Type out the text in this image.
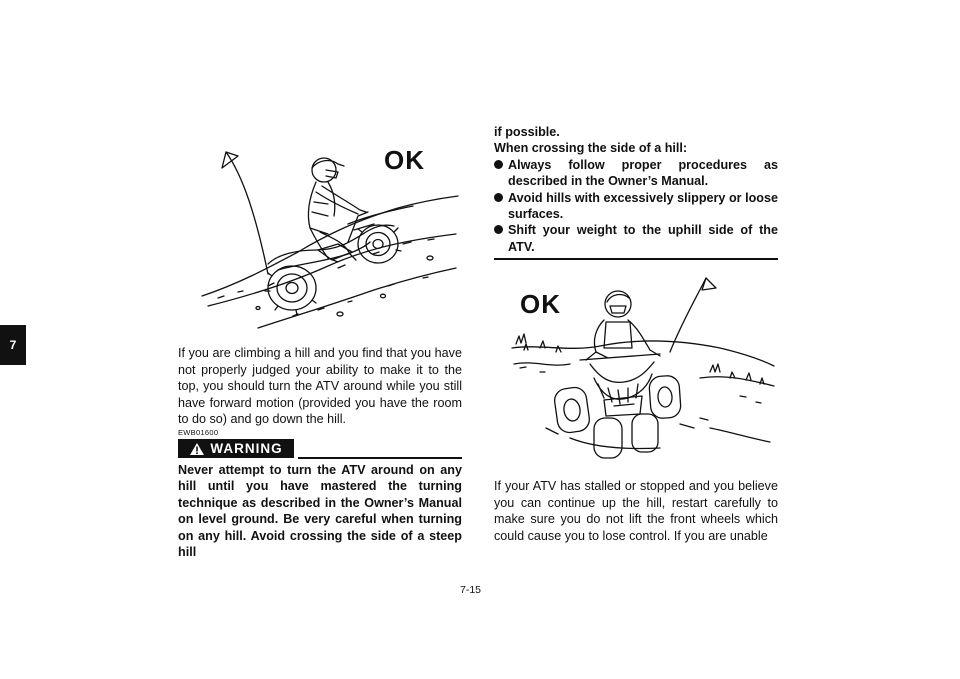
7
OK
If you are climbing a hill and you find that you have not properly judged your ability to make it to the top, you should turn the ATV around while you still have forward motion (provided you have the room to do so) and go down the hill.
EWB01600
WARNING
Never attempt to turn the ATV around on any hill until you have mastered the turning technique as described in the Owner’s Manual on level ground. Be very careful when turning on any hill. Avoid crossing the side of a steep hill
if possible.
When crossing the side of a hill:
Always follow proper procedures as described in the Owner’s Manual.
Avoid hills with excessively slippery or loose surfaces.
Shift your weight to the uphill side of the ATV.
OK
If your ATV has stalled or stopped and you believe you can continue up the hill, restart carefully to make sure you do not lift the front wheels which could cause you to lose control. If you are unable
7-15
